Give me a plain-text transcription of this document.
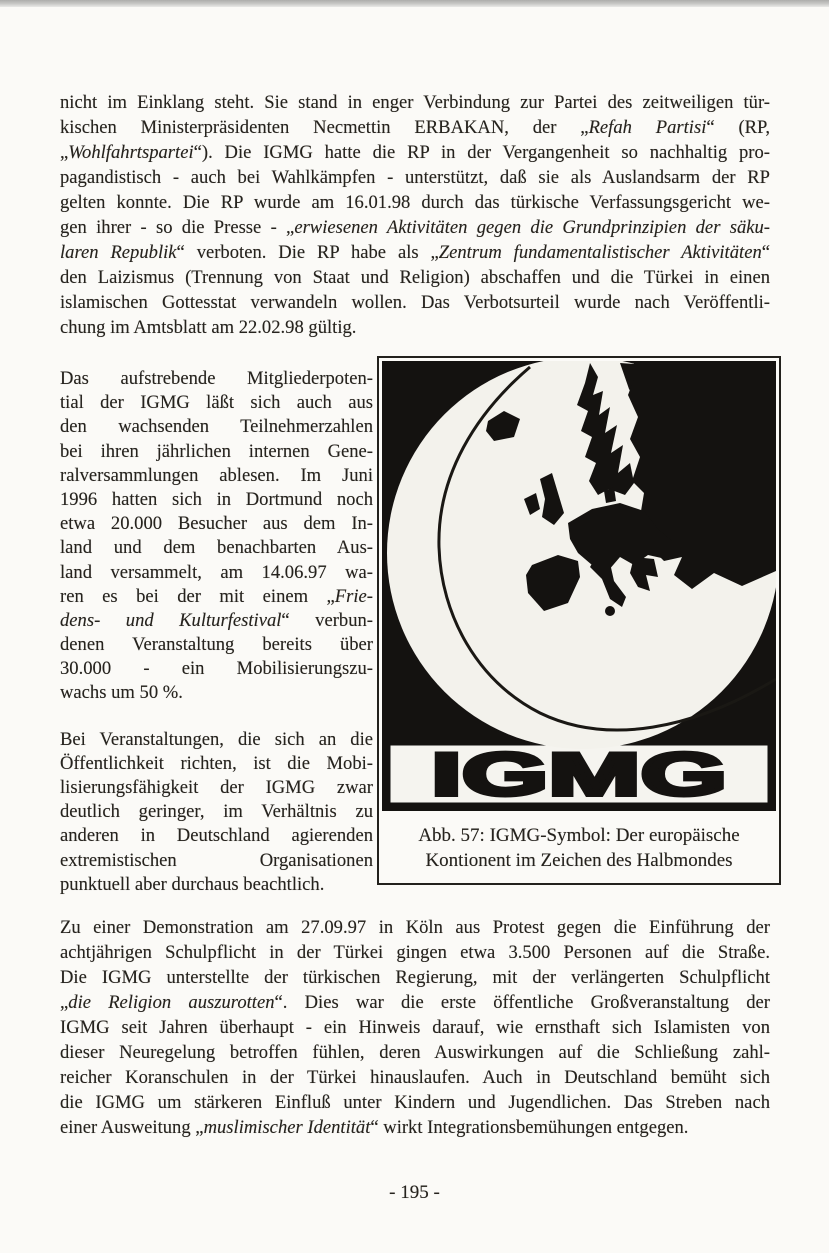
nicht im Einklang steht. Sie stand in enger Verbindung zur Partei des zeitweiligen tür-
kischen Ministerpräsidenten Necmettin ERBAKAN, der „Refah Partisi“ (RP,
„Wohlfahrtspartei“). Die IGMG hatte die RP in der Vergangenheit so nachhaltig pro-
pagandistisch - auch bei Wahlkämpfen - unterstützt, daß sie als Auslandsarm der RP
gelten konnte. Die RP wurde am 16.01.98 durch das türkische Verfassungsgericht we-
gen ihrer - so die Presse - „erwiesenen Aktivitäten gegen die Grundprinzipien der säku-
laren Republik“ verboten. Die RP habe als „Zentrum fundamentalistischer Aktivitäten“
den Laizismus (Trennung von Staat und Religion) abschaffen und die Türkei in einen
islamischen Gottesstat verwandeln wollen. Das Verbotsurteil wurde nach Veröffentli-
chung im Amtsblatt am 22.02.98 gültig.
Das aufstrebende Mitgliederpoten-
tial der IGMG läßt sich auch aus
den wachsenden Teilnehmerzahlen
bei ihren jährlichen internen Gene-
ralversammlungen ablesen. Im Juni
1996 hatten sich in Dortmund noch
etwa 20.000 Besucher aus dem In-
land und dem benachbarten Aus-
land versammelt, am 14.06.97 wa-
ren es bei der mit einem „Frie-
dens- und Kulturfestival“ verbun-
denen Veranstaltung bereits über
30.000 - ein Mobilisierungszu-
wachs um 50 %.
Bei Veranstaltungen, die sich an die
Öffentlichkeit richten, ist die Mobi-
lisierungsfähigkeit der IGMG zwar
deutlich geringer, im Verhältnis zu
anderen in Deutschland agierenden
extremistischen Organisationen
punktuell aber durchaus beachtlich.
IGMG
Abb. 57: IGMG-Symbol: Der europäische
Kontionent im Zeichen des Halbmondes
Zu einer Demonstration am 27.09.97 in Köln aus Protest gegen die Einführung der
achtjährigen Schulpflicht in der Türkei gingen etwa 3.500 Personen auf die Straße.
Die IGMG unterstellte der türkischen Regierung, mit der verlängerten Schulpflicht
„die Religion auszurotten“. Dies war die erste öffentliche Großveranstaltung der
IGMG seit Jahren überhaupt - ein Hinweis darauf, wie ernsthaft sich Islamisten von
dieser Neuregelung betroffen fühlen, deren Auswirkungen auf die Schließung zahl-
reicher Koranschulen in der Türkei hinauslaufen. Auch in Deutschland bemüht sich
die IGMG um stärkeren Einfluß unter Kindern und Jugendlichen. Das Streben nach
einer Ausweitung „muslimischer Identität“ wirkt Integrationsbemühungen entgegen.
- 195 -
